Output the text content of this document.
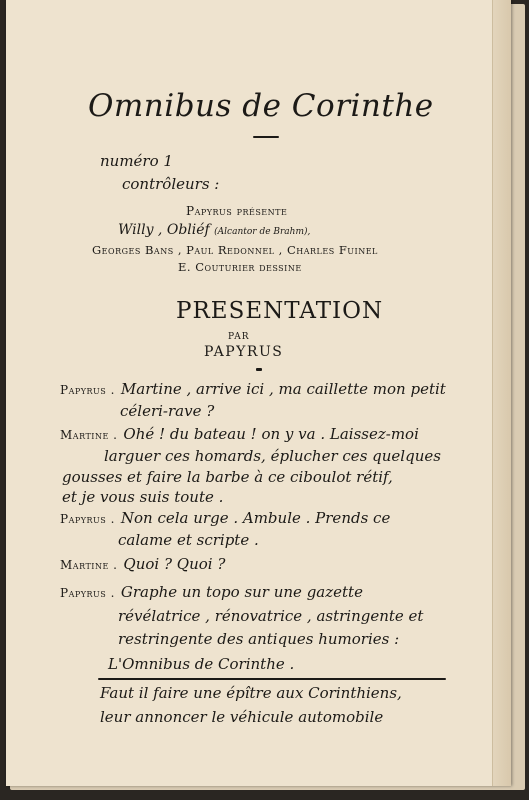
Omnibus de Corinthe
numéro 1
contrôleurs :
Papyrus présente
Willy , Obliéf (Alcantor de Brahm),
Georges Bans , Paul Redonnel , Charles Fuinel
E. Couturier dessine
PRESENTATION
PAR
PAPYRUS
Papyrus . Martine , arrive ici , ma caillette mon petit
céleri-rave ?
Martine . Ohé ! du bateau ! on y va . Laissez-moi
larguer ces homards, éplucher ces quelques
gousses et faire la barbe à ce ciboulot rétif,
et je vous suis toute .
Papyrus . Non cela urge . Ambule . Prends ce
calame et scripte .
Martine . Quoi ? Quoi ?
Papyrus . Graphe un topo sur une gazette
révélatrice , rénovatrice , astringente et
restringente des antiques humories :
L'Omnibus de Corinthe .
Faut il faire une épître aux Corinthiens,
leur annoncer le véhicule automobile
